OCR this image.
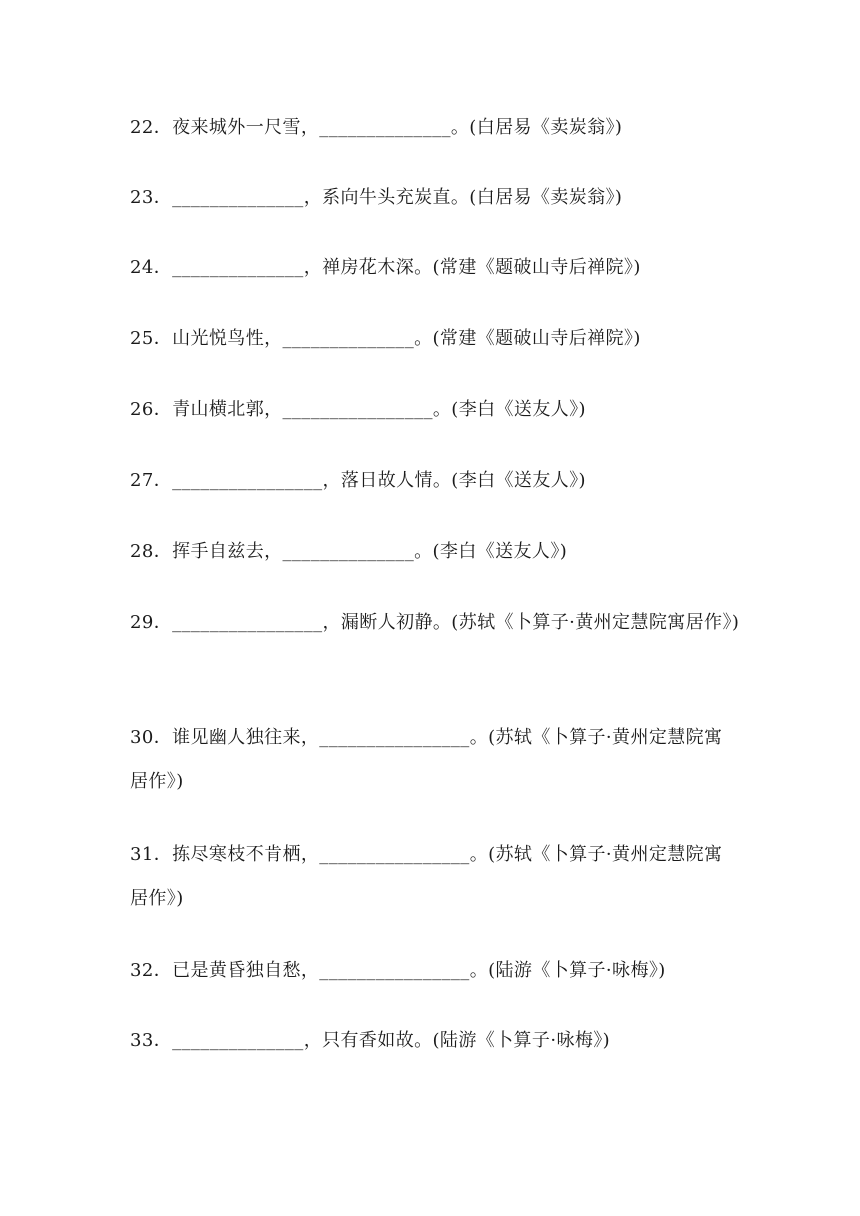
22．夜来城外一尺雪，______________。(白居易《卖炭翁》)
23．______________，系向牛头充炭直。(白居易《卖炭翁》)
24．______________，禅房花木深。(常建《题破山寺后禅院》)
25．山光悦鸟性，______________。(常建《题破山寺后禅院》)
26．青山横北郭，________________。(李白《送友人》)
27．________________，落日故人情。(李白《送友人》)
28．挥手自兹去，______________。(李白《送友人》)
29．________________，漏断人初静。(苏轼《卜算子·黄州定慧院寓居作》)
30．谁见幽人独往来，________________。(苏轼《卜算子·黄州定慧院寓居作》)
31．拣尽寒枝不肯栖，________________。(苏轼《卜算子·黄州定慧院寓居作》)
32．已是黄昏独自愁，________________。(陆游《卜算子·咏梅》)
33．______________，只有香如故。(陆游《卜算子·咏梅》)
